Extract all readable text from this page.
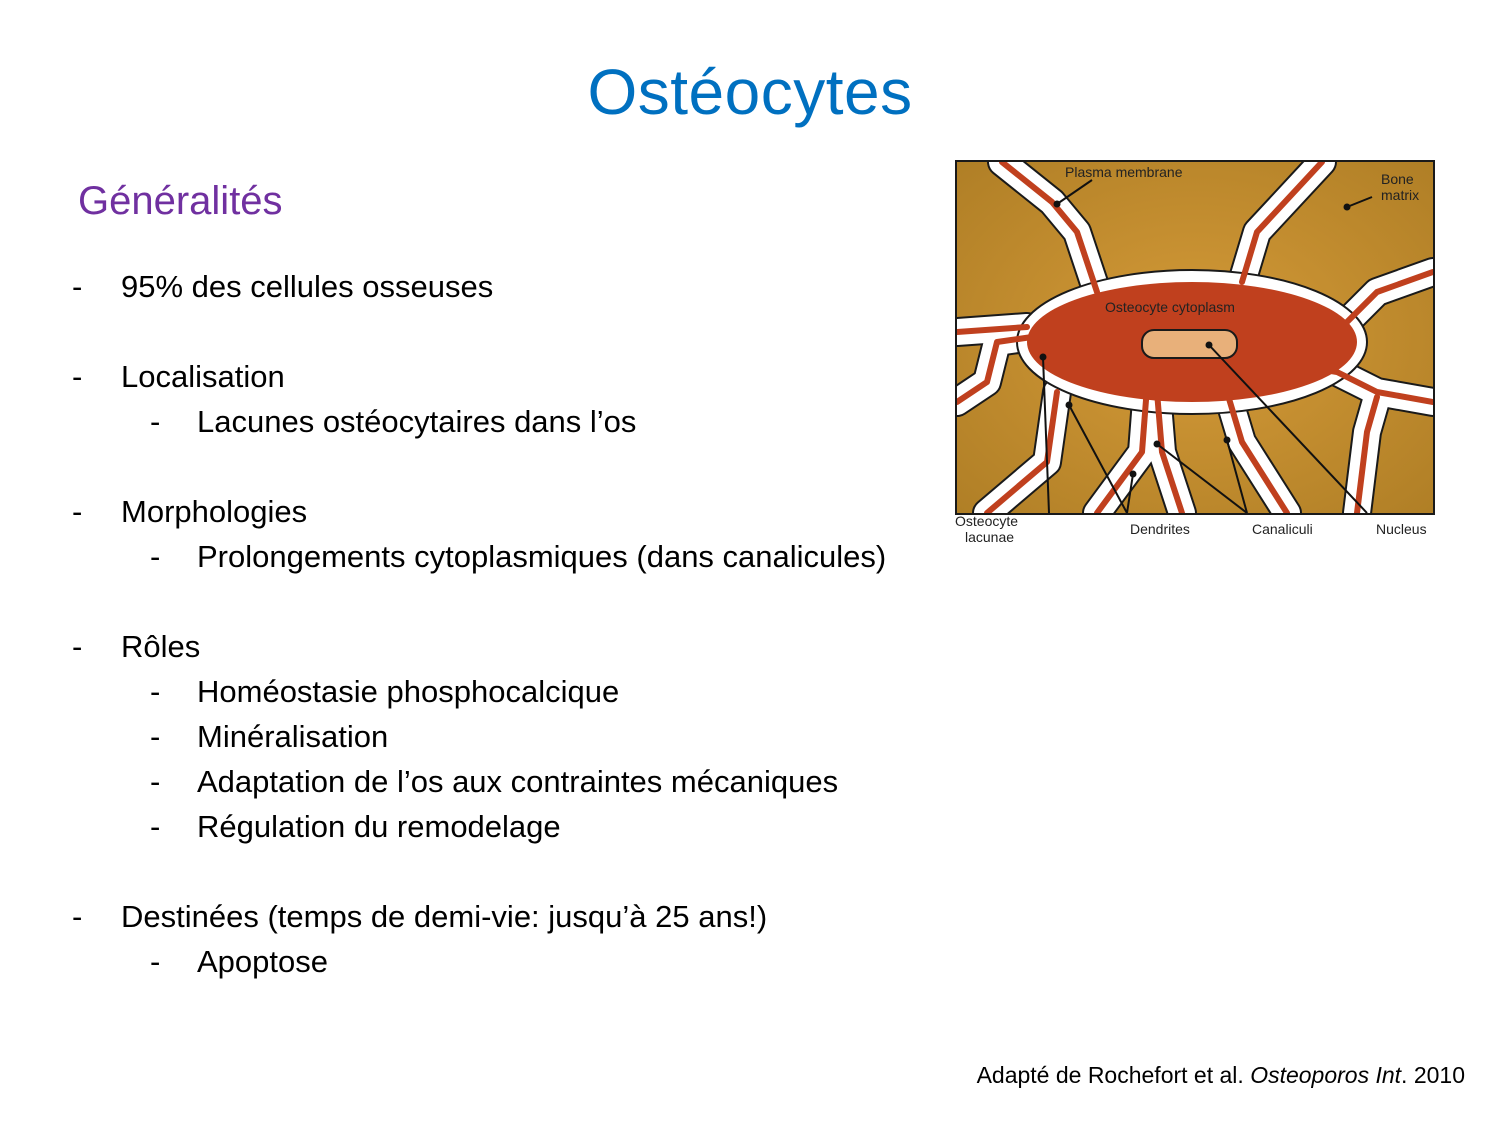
Ostéocytes
Généralités
- 95% des cellules osseuses
- Localisation
- Lacunes ostéocytaires dans l’os
- Morphologies
- Prolongements cytoplasmiques (dans canalicules)
- Rôles
- Homéostasie phosphocalcique
- Minéralisation
- Adaptation de l’os aux contraintes mécaniques
- Régulation du remodelage
- Destinées (temps de demi-vie: jusqu’à 25 ans!)
- Apoptose
Plasma membrane	Bone
matrix
Osteocyte cytoplasm
Osteocyte
lacunae	Dendrites	Canaliculi	Nucleus
Adapté de Rochefort et al. Osteoporos Int. 2010
